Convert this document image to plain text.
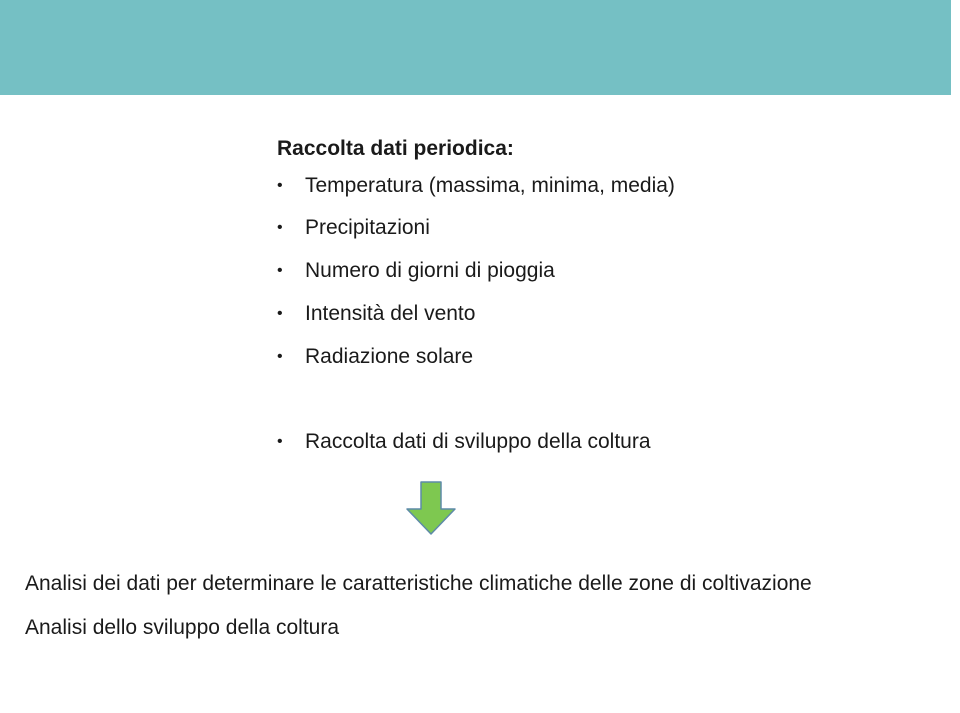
Raccolta dati periodica:
•	Temperatura (massima, minima, media)
•	Precipitazioni
•	Numero di giorni di pioggia
•	Intensità del vento
•	Radiazione solare
•	Raccolta dati di sviluppo della coltura
Analisi dei dati per determinare le caratteristiche climatiche delle zone di coltivazione
Analisi dello sviluppo della coltura
